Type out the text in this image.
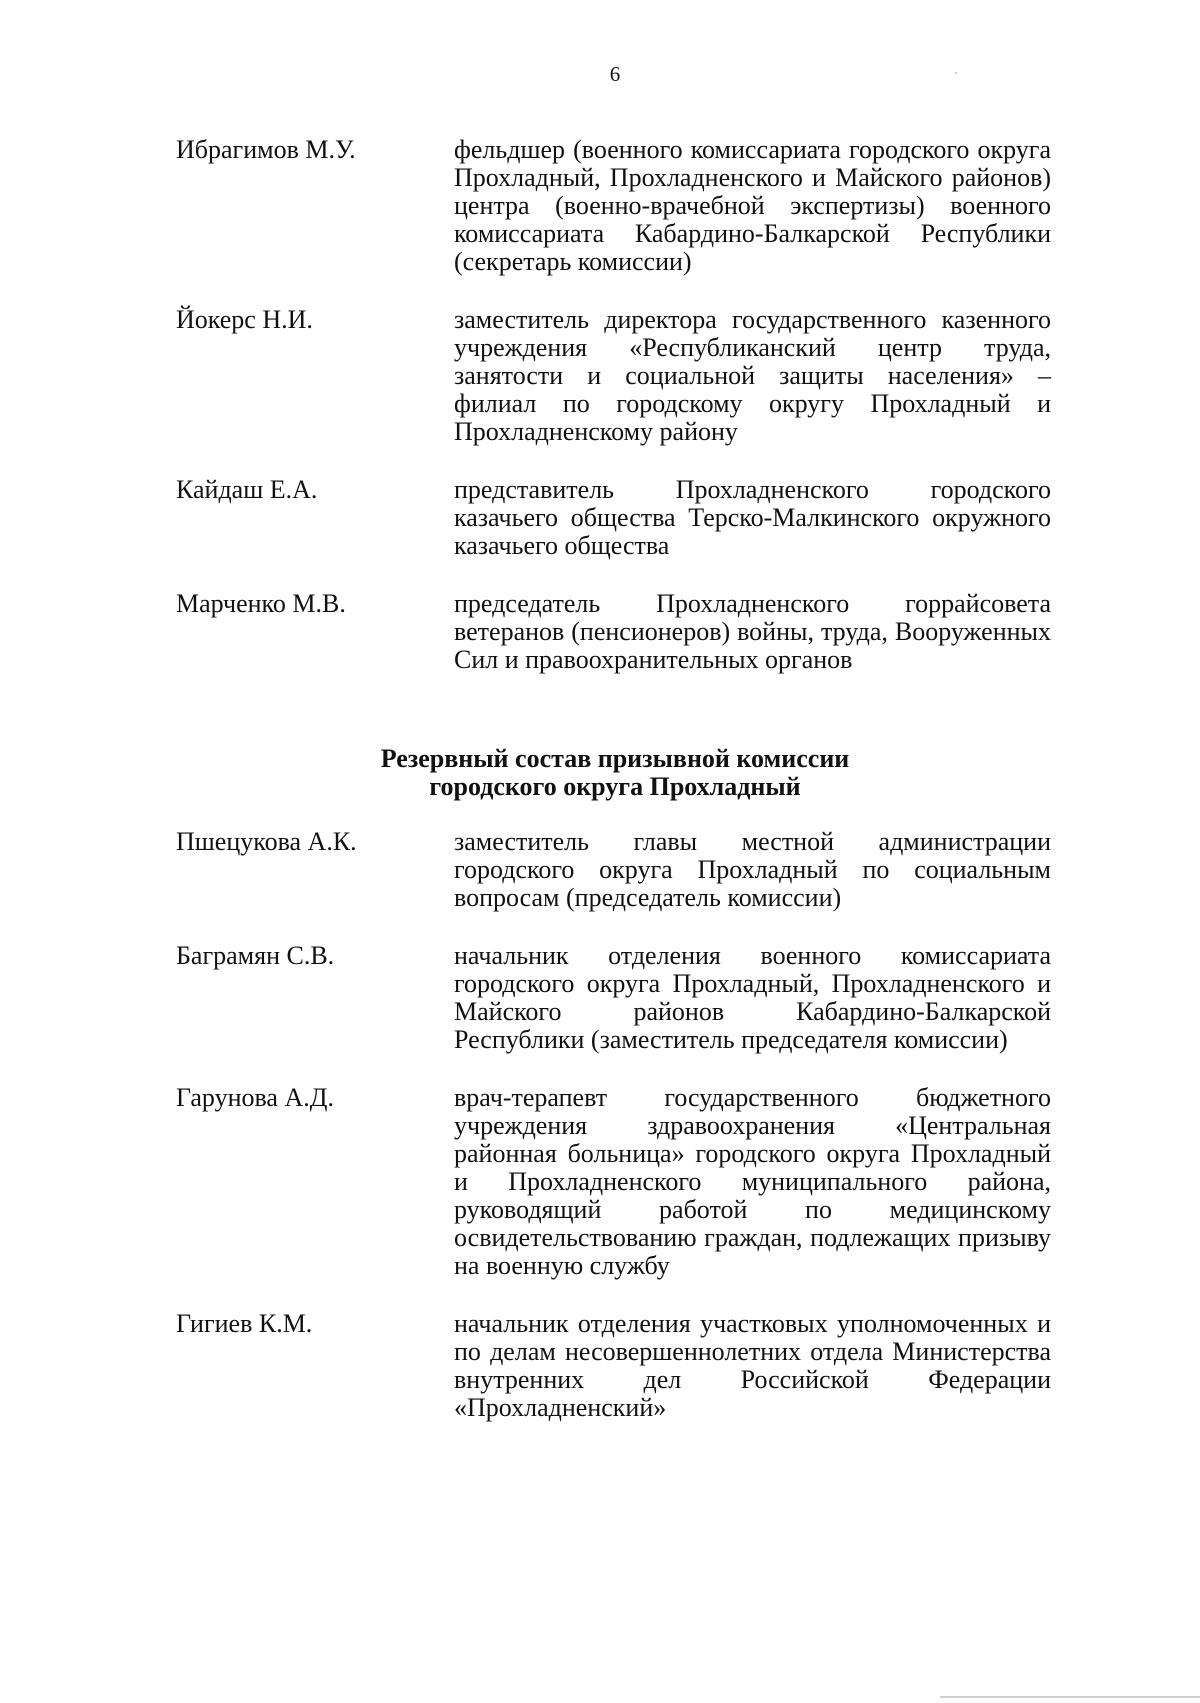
6
Ибрагимов М.У.	фельдшер (военного комиссариата городского округа Прохладный, Прохладненского и Майского районов) центра (военно-врачебной экспертизы) военного комиссариата Кабардино-Балкарской Республики (секретарь комиссии)
Йокерс Н.И.	заместитель директора государственного казенного учреждения «Республиканский центр труда, занятости и социальной защиты населения» – филиал по городскому округу Прохладный и Прохладненскому району
Кайдаш Е.А.	представитель Прохладненского городского казачьего общества Терско-Малкинского окружного казачьего общества
Марченко М.В.	председатель Прохладненского горрайсовета ветеранов (пенсионеров) войны, труда, Вооруженных Сил и правоохранительных органов
Резервный состав призывной комиссии
городского округа Прохладный
Пшецукова А.К.	заместитель главы местной администрации городского округа Прохладный по социальным вопросам (председатель комиссии)
Баграмян С.В.	начальник отделения военного комиссариата городского округа Прохладный, Прохладненского и Майского районов Кабардино-Балкарской Республики (заместитель председателя комиссии)
Гарунова А.Д.	врач-терапевт государственного бюджетного учреждения здравоохранения «Центральная районная больница» городского округа Прохладный и Прохладненского муниципального района, руководящий работой по медицинскому освидетельствованию граждан, подлежащих призыву на военную службу
Гигиев К.М.	начальник отделения участковых уполномоченных и по делам несовершеннолетних отдела Министерства внутренних дел Российской Федерации «Прохладненский»
